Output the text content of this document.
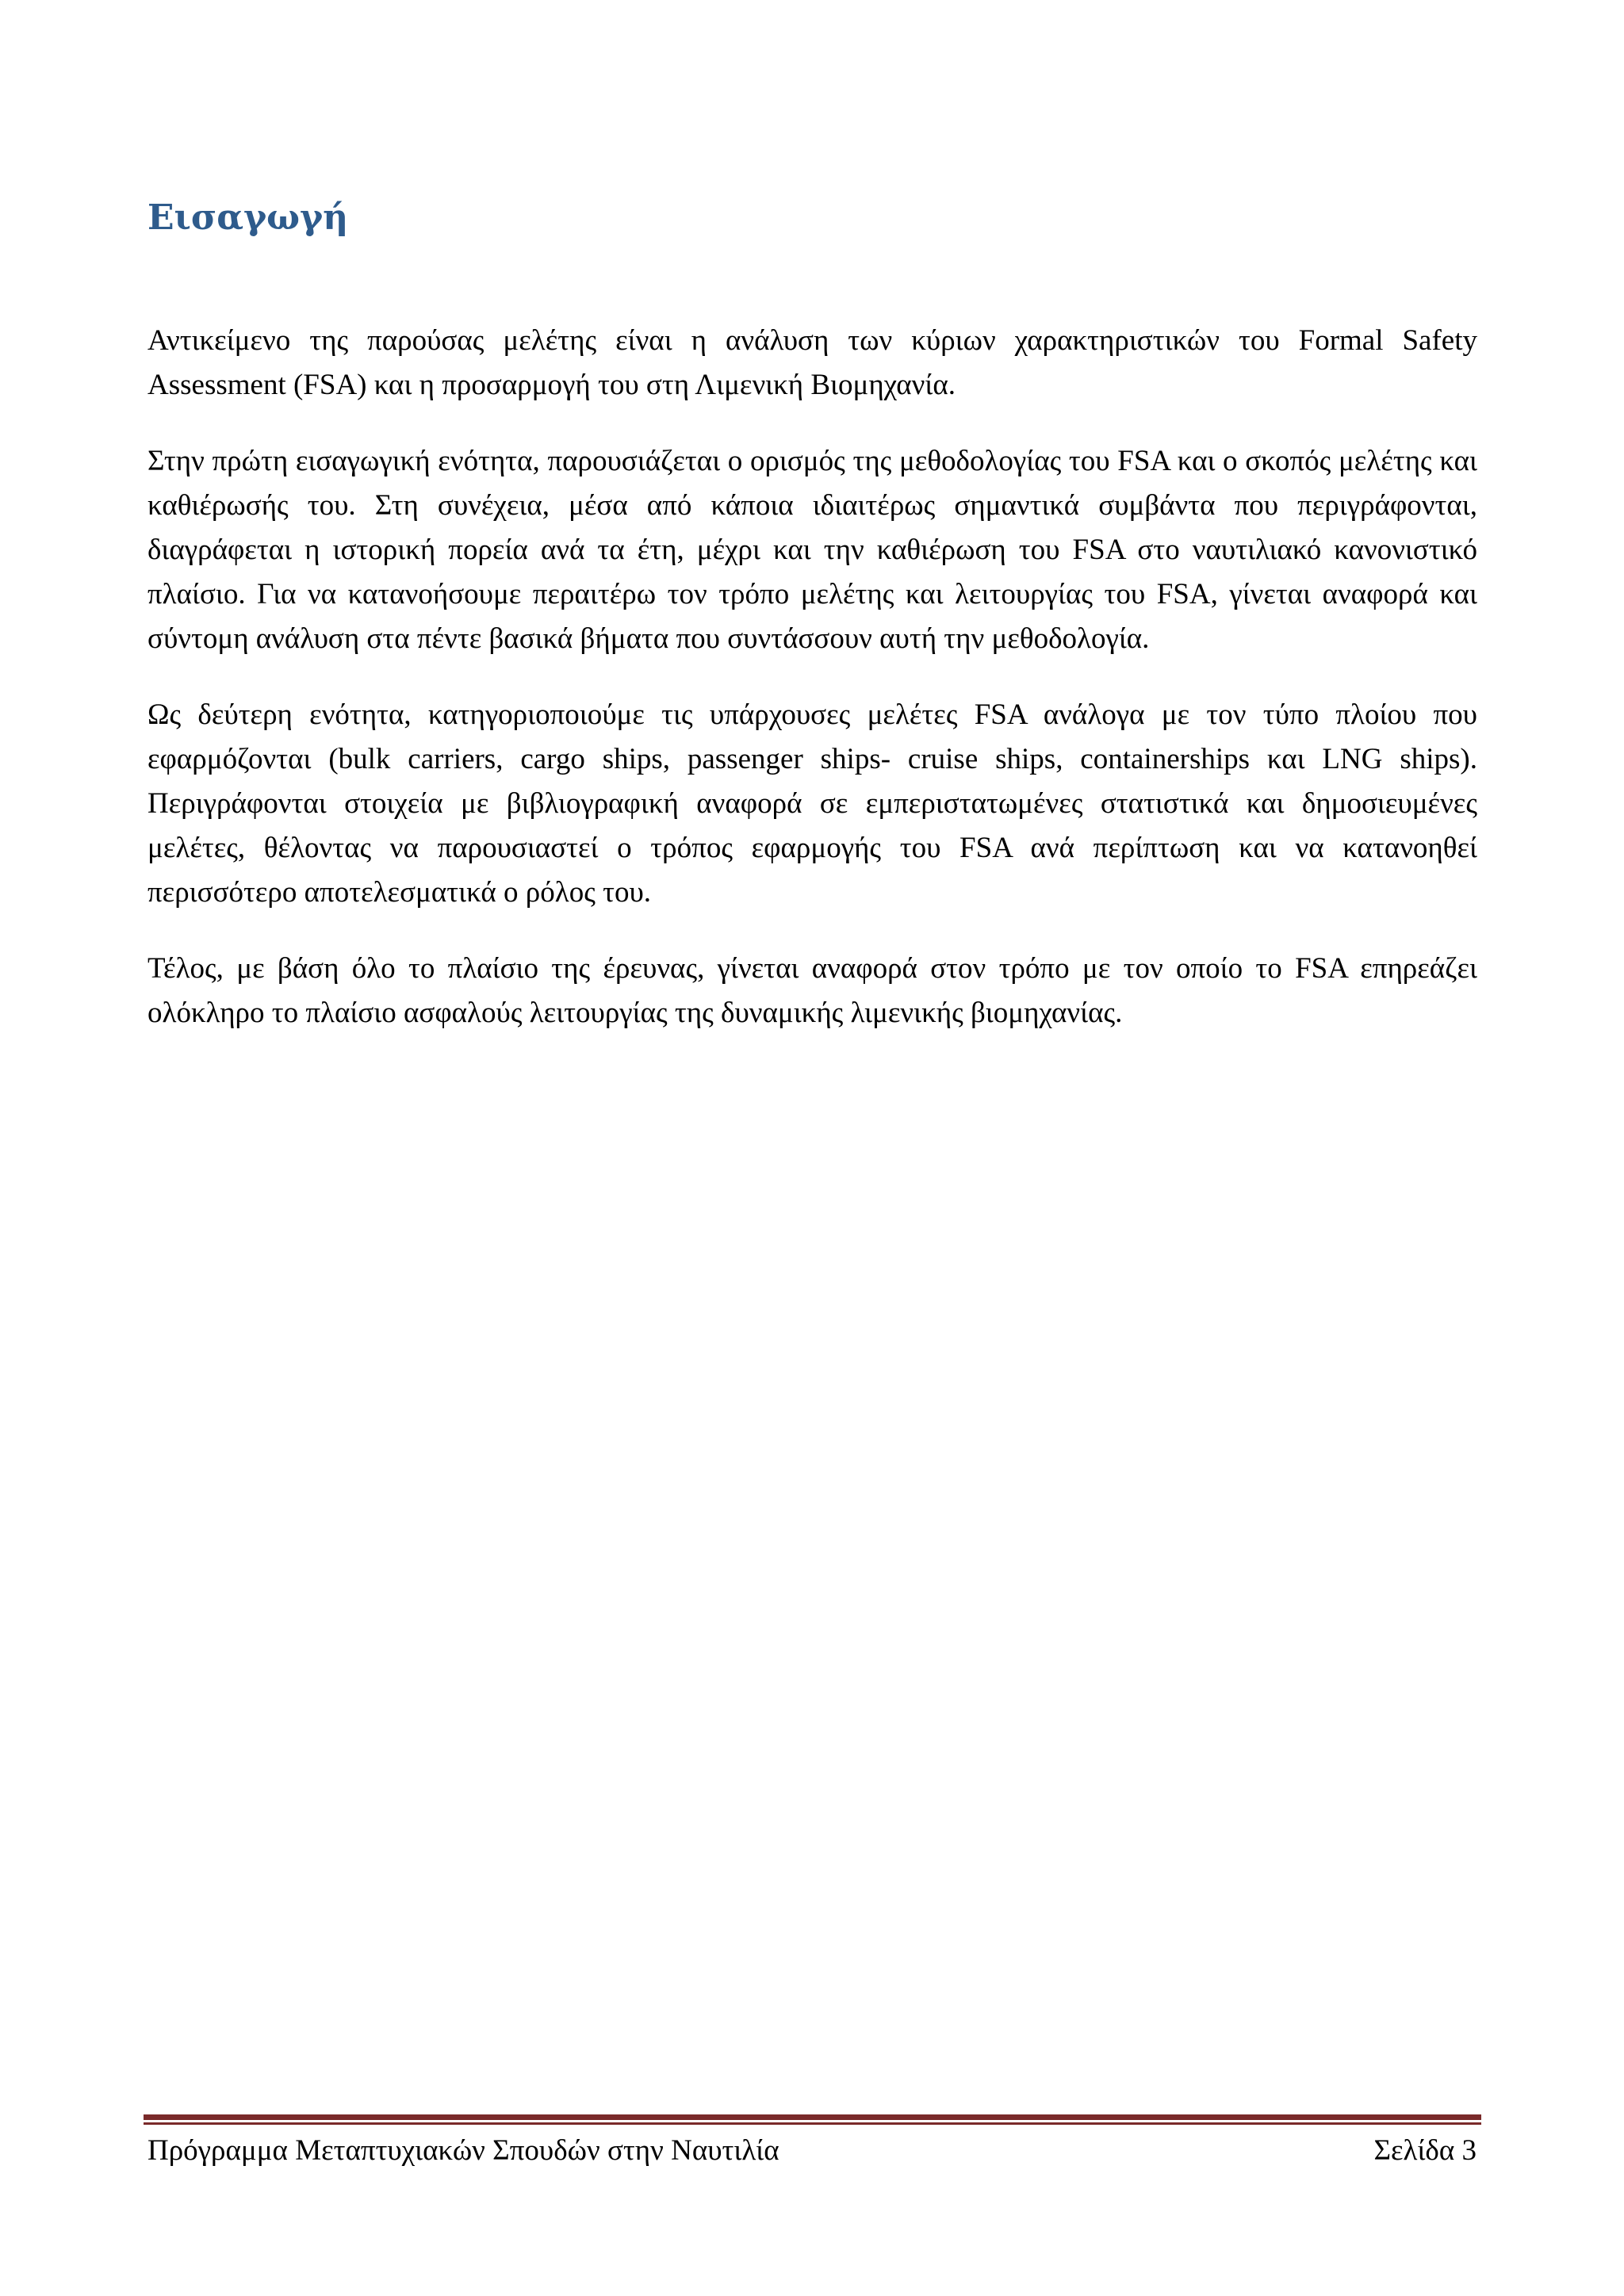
Εισαγωγή

Αντικείμενο της παρούσας μελέτης είναι η ανάλυση των κύριων χαρακτηριστικών του Formal Safety Assessment (FSA) και η προσαρμογή του στη Λιμενική Βιομηχανία.

Στην πρώτη εισαγωγική ενότητα, παρουσιάζεται ο ορισμός της μεθοδολογίας του FSA και ο σκοπός μελέτης και καθιέρωσής του. Στη συνέχεια, μέσα από κάποια ιδιαιτέρως σημαντικά συμβάντα που περιγράφονται, διαγράφεται η ιστορική πορεία ανά τα έτη, μέχρι και την καθιέρωση του FSA στο ναυτιλιακό κανονιστικό πλαίσιο. Για να κατανοήσουμε περαιτέρω τον τρόπο μελέτης και λειτουργίας του FSA, γίνεται αναφορά και σύντομη ανάλυση στα πέντε βασικά βήματα που συντάσσουν αυτή την μεθοδολογία.

Ως δεύτερη ενότητα, κατηγοριοποιούμε τις υπάρχουσες μελέτες FSA ανάλογα με τον τύπο πλοίου που εφαρμόζονται (bulk carriers, cargo ships, passenger ships- cruise ships, containerships και LNG ships). Περιγράφονται στοιχεία με βιβλιογραφική αναφορά σε εμπεριστατωμένες στατιστικά και δημοσιευμένες μελέτες, θέλοντας να παρουσιαστεί ο τρόπος εφαρμογής του FSA ανά περίπτωση και να κατανοηθεί περισσότερο αποτελεσματικά ο ρόλος του.

Τέλος, με βάση όλο το πλαίσιο της έρευνας, γίνεται αναφορά στον τρόπο με τον οποίο το FSA επηρεάζει ολόκληρο το πλαίσιο ασφαλούς λειτουργίας της δυναμικής λιμενικής βιομηχανίας.

Πρόγραμμα Μεταπτυχιακών Σπουδών στην Ναυτιλία	Σελίδα 3
